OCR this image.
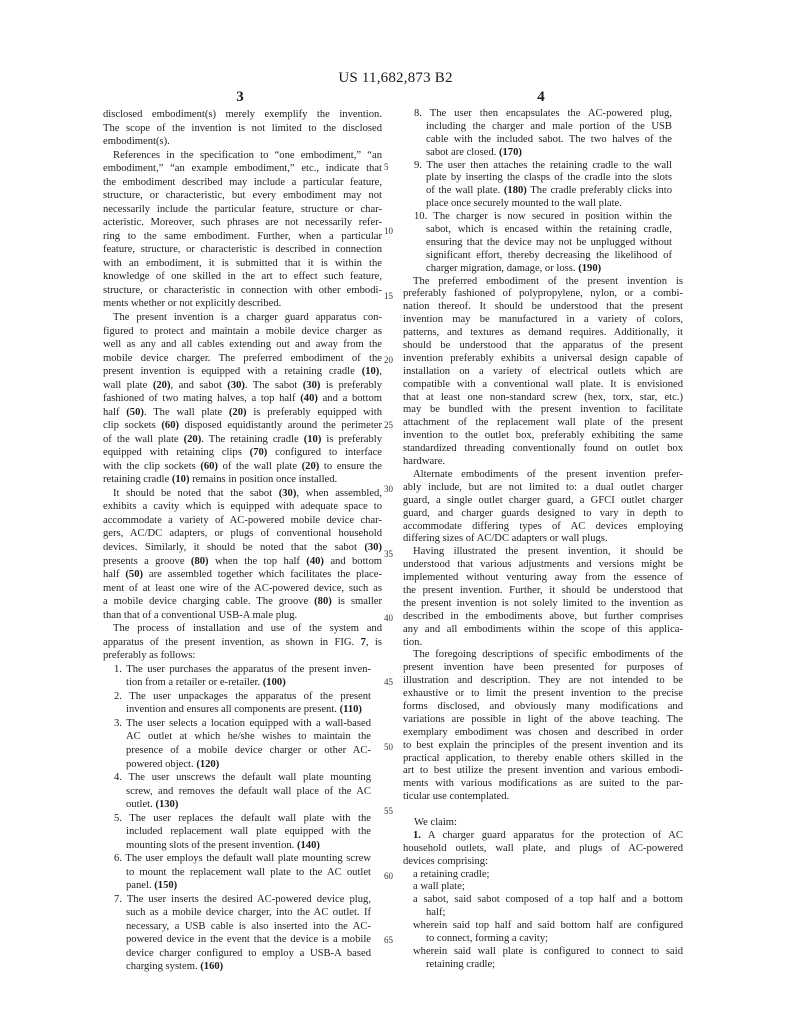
US 11,682,873 B2
3	4
disclosed embodiment(s) merely exemplify the invention.
The scope of the invention is not limited to the disclosed
embodiment(s).
References in the specification to “one embodiment,” “an
embodiment,” “an example embodiment,” etc., indicate that
the embodiment described may include a particular feature,
structure, or characteristic, but every embodiment may not
necessarily include the particular feature, structure or char-
acteristic. Moreover, such phrases are not necessarily refer-
ring to the same embodiment. Further, when a particular
feature, structure, or characteristic is described in connection
with an embodiment, it is submitted that it is within the
knowledge of one skilled in the art to effect such feature,
structure, or characteristic in connection with other embodi-
ments whether or not explicitly described.
The present invention is a charger guard apparatus con-
figured to protect and maintain a mobile device charger as
well as any and all cables extending out and away from the
mobile device charger. The preferred embodiment of the
present invention is equipped with a retaining cradle (10),
wall plate (20), and sabot (30). The sabot (30) is preferably
fashioned of two mating halves, a top half (40) and a bottom
half (50). The wall plate (20) is preferably equipped with
clip sockets (60) disposed equidistantly around the perimeter
of the wall plate (20). The retaining cradle (10) is preferably
equipped with retaining clips (70) configured to interface
with the clip sockets (60) of the wall plate (20) to ensure the
retaining cradle (10) remains in position once installed.
It should be noted that the sabot (30), when assembled,
exhibits a cavity which is equipped with adequate space to
accommodate a variety of AC-powered mobile device char-
gers, AC/DC adapters, or plugs of conventional household
devices. Similarly, it should be noted that the sabot (30)
presents a groove (80) when the top half (40) and bottom
half (50) are assembled together which facilitates the place-
ment of at least one wire of the AC-powered device, such as
a mobile device charging cable. The groove (80) is smaller
than that of a conventional USB-A male plug.
The process of installation and use of the system and
apparatus of the present invention, as shown in FIG. 7, is
preferably as follows:
1. The user purchases the apparatus of the present inven-
tion from a retailer or e-retailer. (100)
2. The user unpackages the apparatus of the present
invention and ensures all components are present. (110)
3. The user selects a location equipped with a wall-based
AC outlet at which he/she wishes to maintain the
presence of a mobile device charger or other AC-
powered object. (120)
4. The user unscrews the default wall plate mounting
screw, and removes the default wall place of the AC
outlet. (130)
5. The user replaces the default wall plate with the
included replacement wall plate equipped with the
mounting slots of the present invention. (140)
6. The user employs the default wall plate mounting screw
to mount the replacement wall plate to the AC outlet
panel. (150)
7. The user inserts the desired AC-powered device plug,
such as a mobile device charger, into the AC outlet. If
necessary, a USB cable is also inserted into the AC-
powered device in the event that the device is a mobile
device charger configured to employ a USB-A based
charging system. (160)
8. The user then encapsulates the AC-powered plug,
including the charger and male portion of the USB
cable with the included sabot. The two halves of the
sabot are closed. (170)
9. The user then attaches the retaining cradle to the wall
plate by inserting the clasps of the cradle into the slots
of the wall plate. (180) The cradle preferably clicks into
place once securely mounted to the wall plate.
10. The charger is now secured in position within the
sabot, which is encased within the retaining cradle,
ensuring that the device may not be unplugged without
significant effort, thereby decreasing the likelihood of
charger migration, damage, or loss. (190)
The preferred embodiment of the present invention is
preferably fashioned of polypropylene, nylon, or a combi-
nation thereof. It should be understood that the present
invention may be manufactured in a variety of colors,
patterns, and textures as demand requires. Additionally, it
should be understood that the apparatus of the present
invention preferably exhibits a universal design capable of
installation on a variety of electrical outlets which are
compatible with a conventional wall plate. It is envisioned
that at least one non-standard screw (hex, torx, star, etc.)
may be bundled with the present invention to facilitate
attachment of the replacement wall plate of the present
invention to the outlet box, preferably exhibiting the same
standardized threading conventionally found on outlet box
hardware.
Alternate embodiments of the present invention prefer-
ably include, but are not limited to: a dual outlet charger
guard, a single outlet charger guard, a GFCI outlet charger
guard, and charger guards designed to vary in depth to
accommodate differing types of AC devices employing
differing sizes of AC/DC adapters or wall plugs.
Having illustrated the present invention, it should be
understood that various adjustments and versions might be
implemented without venturing away from the essence of
the present invention. Further, it should be understood that
the present invention is not solely limited to the invention as
described in the embodiments above, but further comprises
any and all embodiments within the scope of this applica-
tion.
The foregoing descriptions of specific embodiments of the
present invention have been presented for purposes of
illustration and description. They are not intended to be
exhaustive or to limit the present invention to the precise
forms disclosed, and obviously many modifications and
variations are possible in light of the above teaching. The
exemplary embodiment was chosen and described in order
to best explain the principles of the present invention and its
practical application, to thereby enable others skilled in the
art to best utilize the present invention and various embodi-
ments with various modifications as are suited to the par-
ticular use contemplated.
We claim:
1. A charger guard apparatus for the protection of AC
household outlets, wall plate, and plugs of AC-powered
devices comprising:
a retaining cradle;
a wall plate;
a sabot, said sabot composed of a top half and a bottom
half;
wherein said top half and said bottom half are configured
to connect, forming a cavity;
wherein said wall plate is configured to connect to said
retaining cradle;
5
10
15
20
25
30
35
40
45
50
55
60
65
